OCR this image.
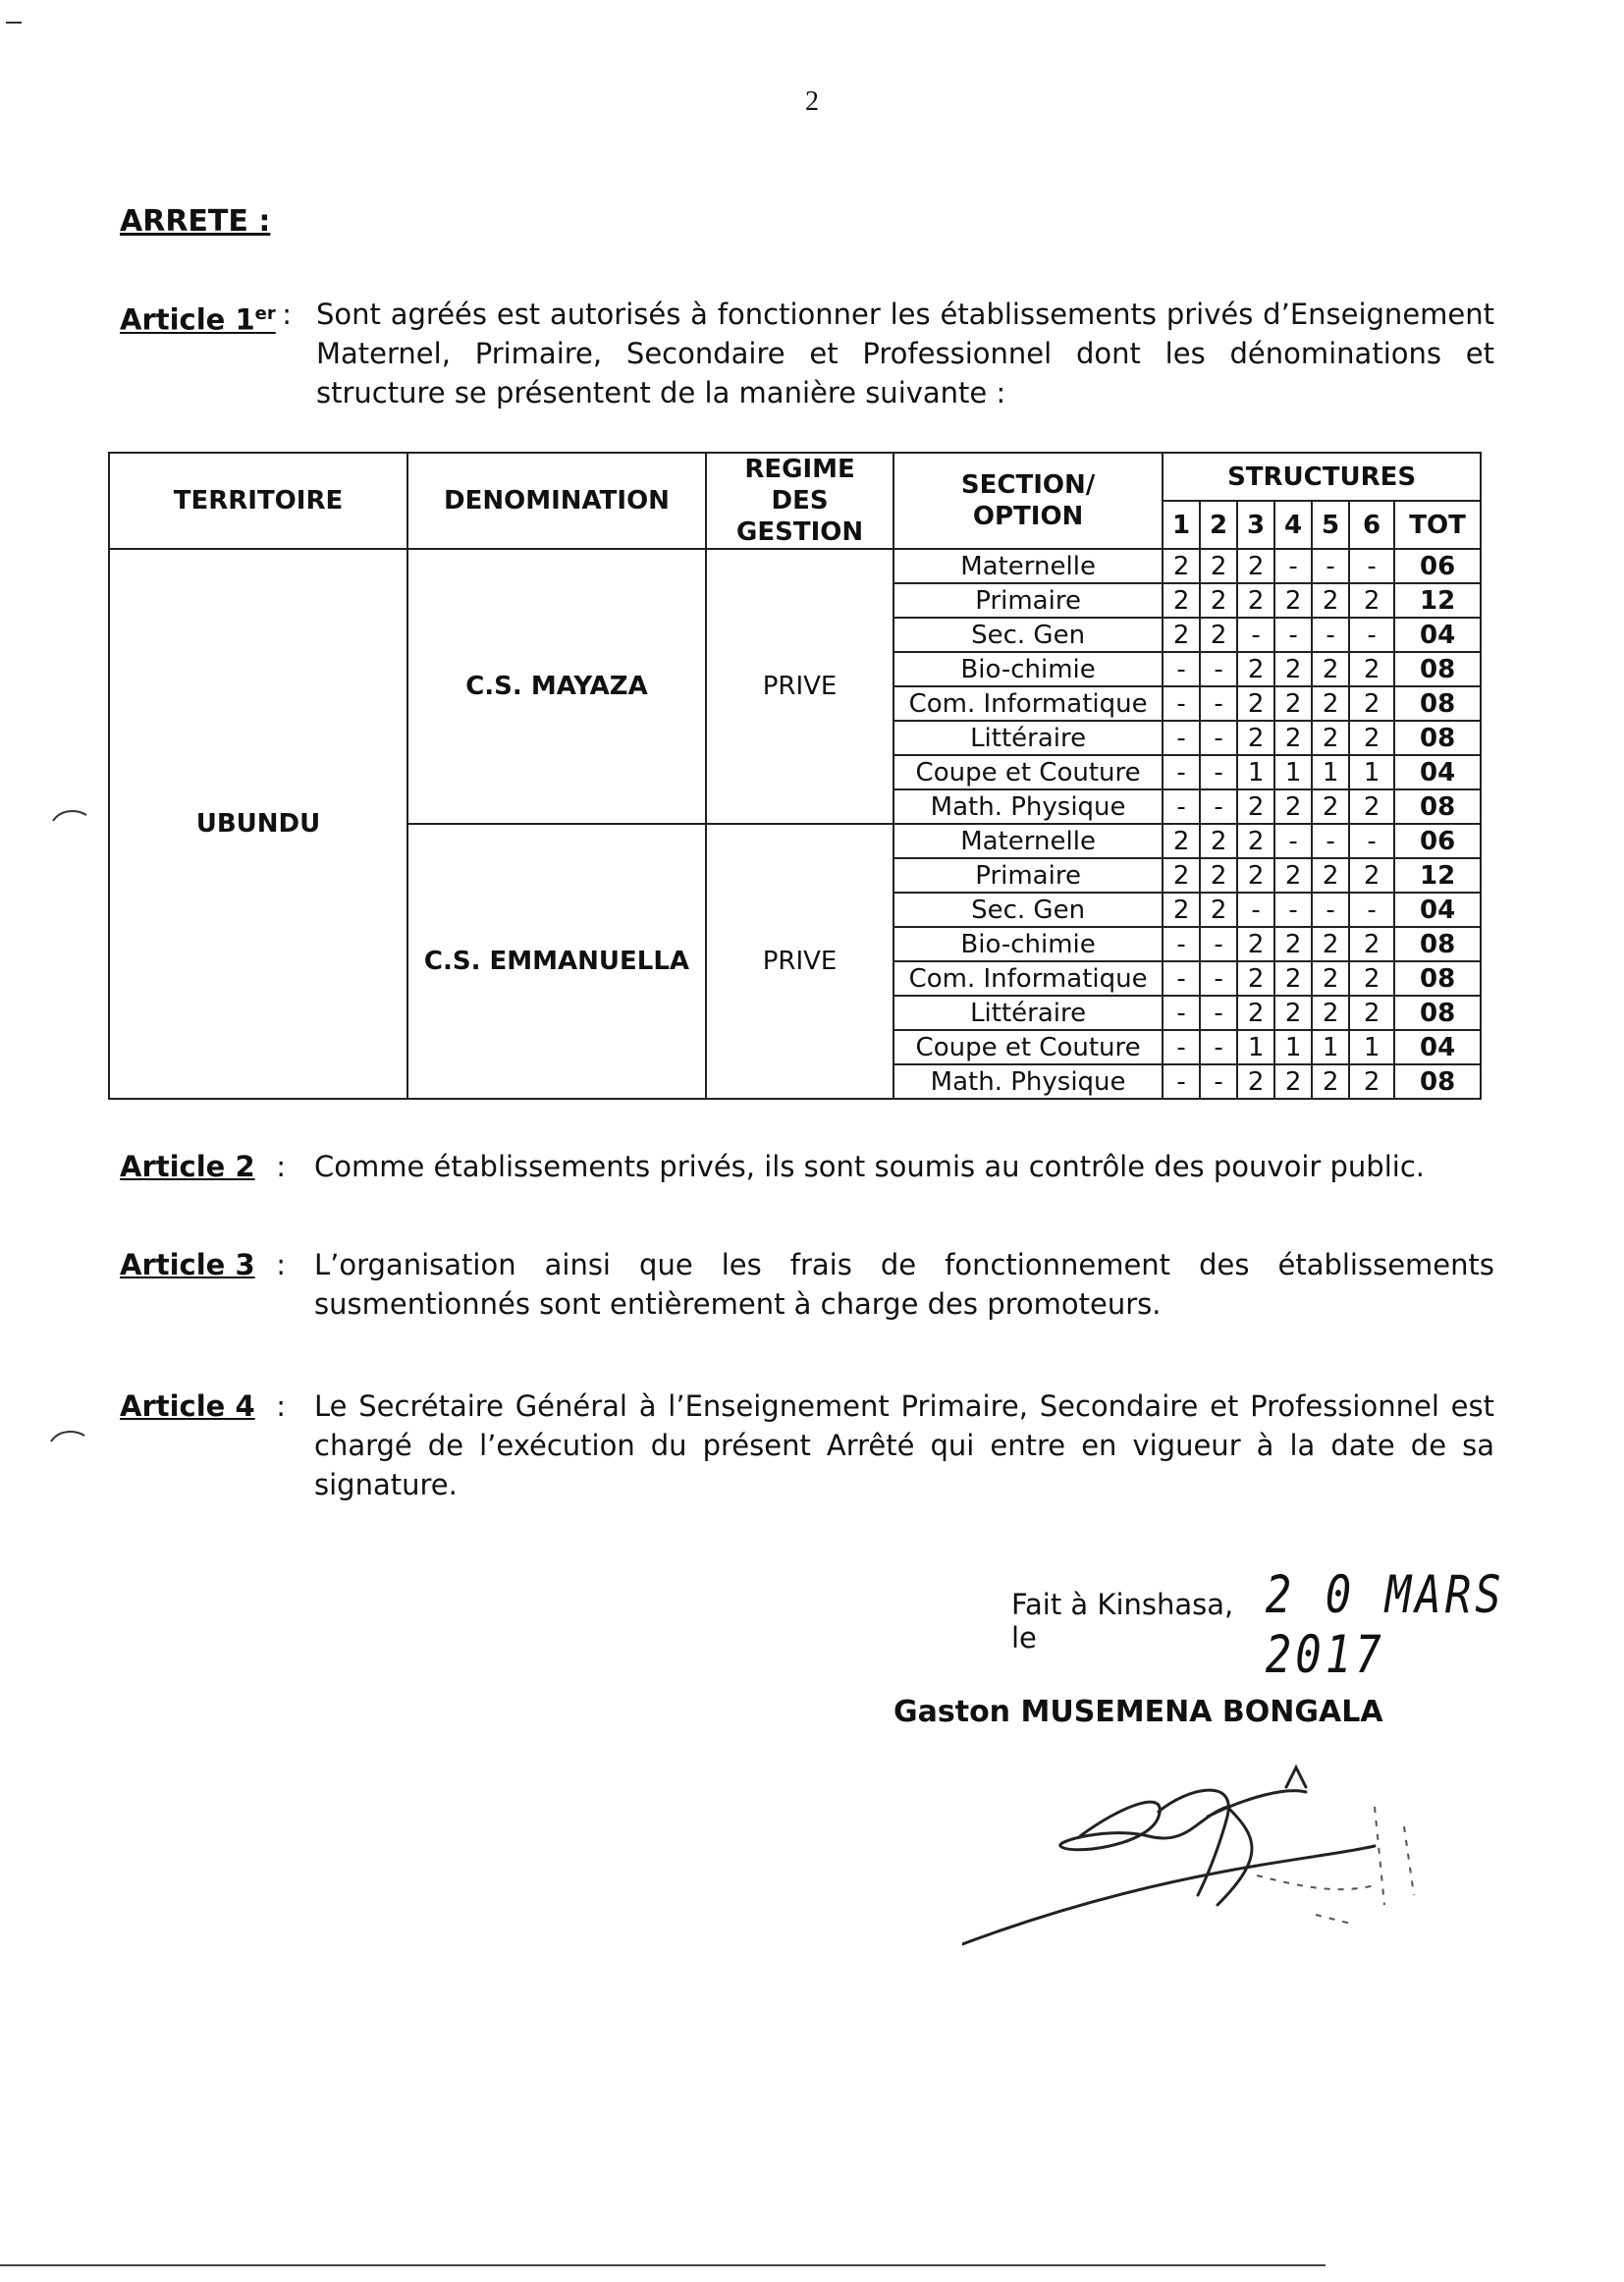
2
ARRETE :
Article 1er
: Sont agréés est autorisés à fonctionner les établissements privés d’Enseignement Maternel, Primaire, Secondaire et Professionnel dont les dénominations et structure se présentent de la manière suivante :
TERRITOIRE	DENOMINATION	REGIME DES GESTION	SECTION/ OPTION	STRUCTURES						
				1	2	3	4	5	6	TOT
UBUNDU	C.S. MAYAZA	PRIVE	Maternelle	2	2	2	-	-	-	06
			Primaire	2	2	2	2	2	2	12
			Sec. Gen	2	2	-	-	-	-	04
			Bio-chimie	-	-	2	2	2	2	08
			Com. Informatique	-	-	2	2	2	2	08
			Littéraire	-	-	2	2	2	2	08
			Coupe et Couture	-	-	1	1	1	1	04
			Math. Physique	-	-	2	2	2	2	08
	C.S. EMMANUELLA	PRIVE	Maternelle	2	2	2	-	-	-	06
			Primaire	2	2	2	2	2	2	12
			Sec. Gen	2	2	-	-	-	-	04
			Bio-chimie	-	-	2	2	2	2	08
			Com. Informatique	-	-	2	2	2	2	08
			Littéraire	-	-	2	2	2	2	08
			Coupe et Couture	-	-	1	1	1	1	04
			Math. Physique	-	-	2	2	2	2	08
Article 2 :	Comme établissements privés, ils sont soumis au contrôle des pouvoir public.
Article 3 :	L’organisation ainsi que les frais de fonctionnement des établissements susmentionnés sont entièrement à charge des promoteurs.
Article 4 :	Le Secrétaire Général à l’Enseignement Primaire, Secondaire et Professionnel est chargé de l’exécution du présent Arrêté qui entre en vigueur à la date de sa signature.
Fait à Kinshasa, le
2 0 MARS 2017
Gaston MUSEMENA BONGALA
